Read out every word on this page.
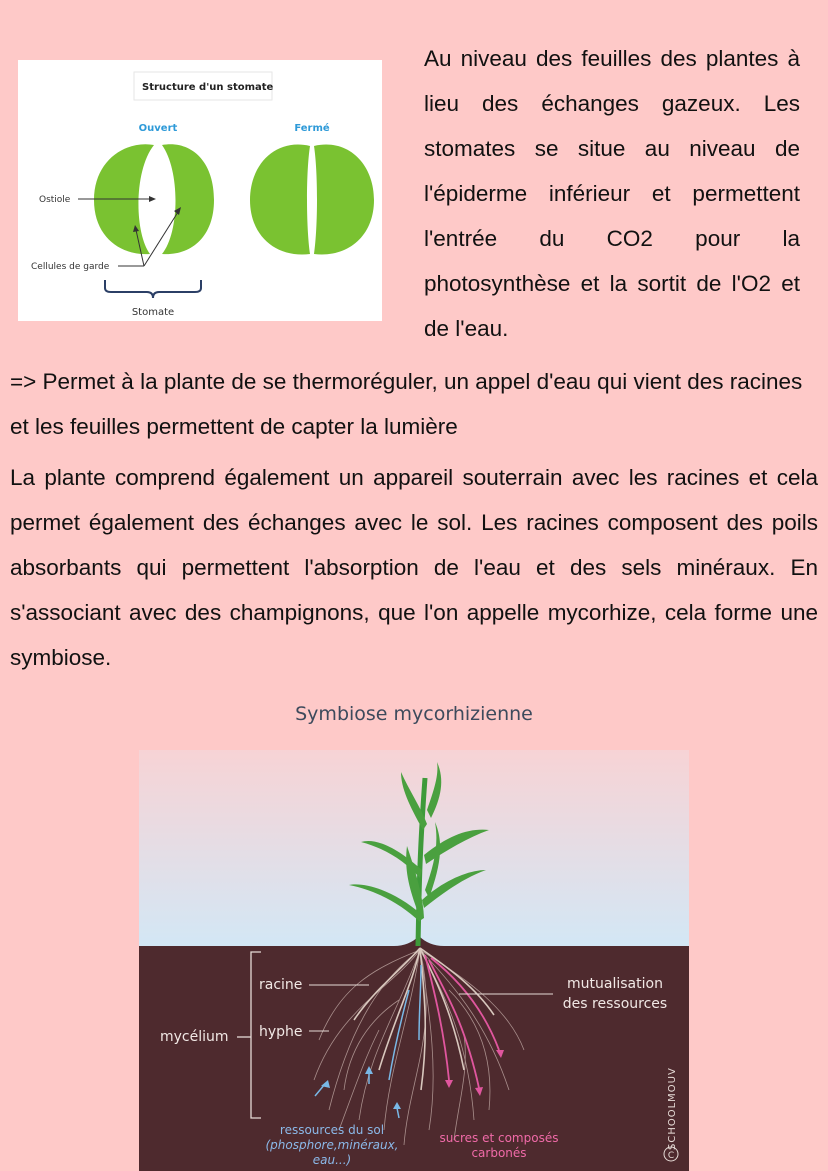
Structure d'un stomate
Ouvert	Fermé
Ostiole
Cellules de garde
Stomate

Au niveau des feuilles des plantes à lieu des échanges gazeux. Les stomates se situe au niveau de l'épiderme inférieur et permettent l'entrée du CO2 pour la photosynthèse et la sortit de l'O2 et de l'eau.

=> Permet à la plante de se thermoréguler, un appel d'eau qui vient des racines et les feuilles permettent de capter la lumière

La plante comprend également un appareil souterrain avec les racines et cela permet également des échanges avec le sol. Les racines composent des poils absorbants qui permettent l'absorption de l'eau et des sels minéraux. En s'associant avec des champignons, que l'on appelle mycorhize, cela forme une symbiose.

Symbiose mycorhizienne
racine
hyphe
mycélium
mutualisation
des ressources
ressources du sol
(phosphore,minéraux,
eau...)
sucres et composés
carbonés
SCHOOLMOUV
C
